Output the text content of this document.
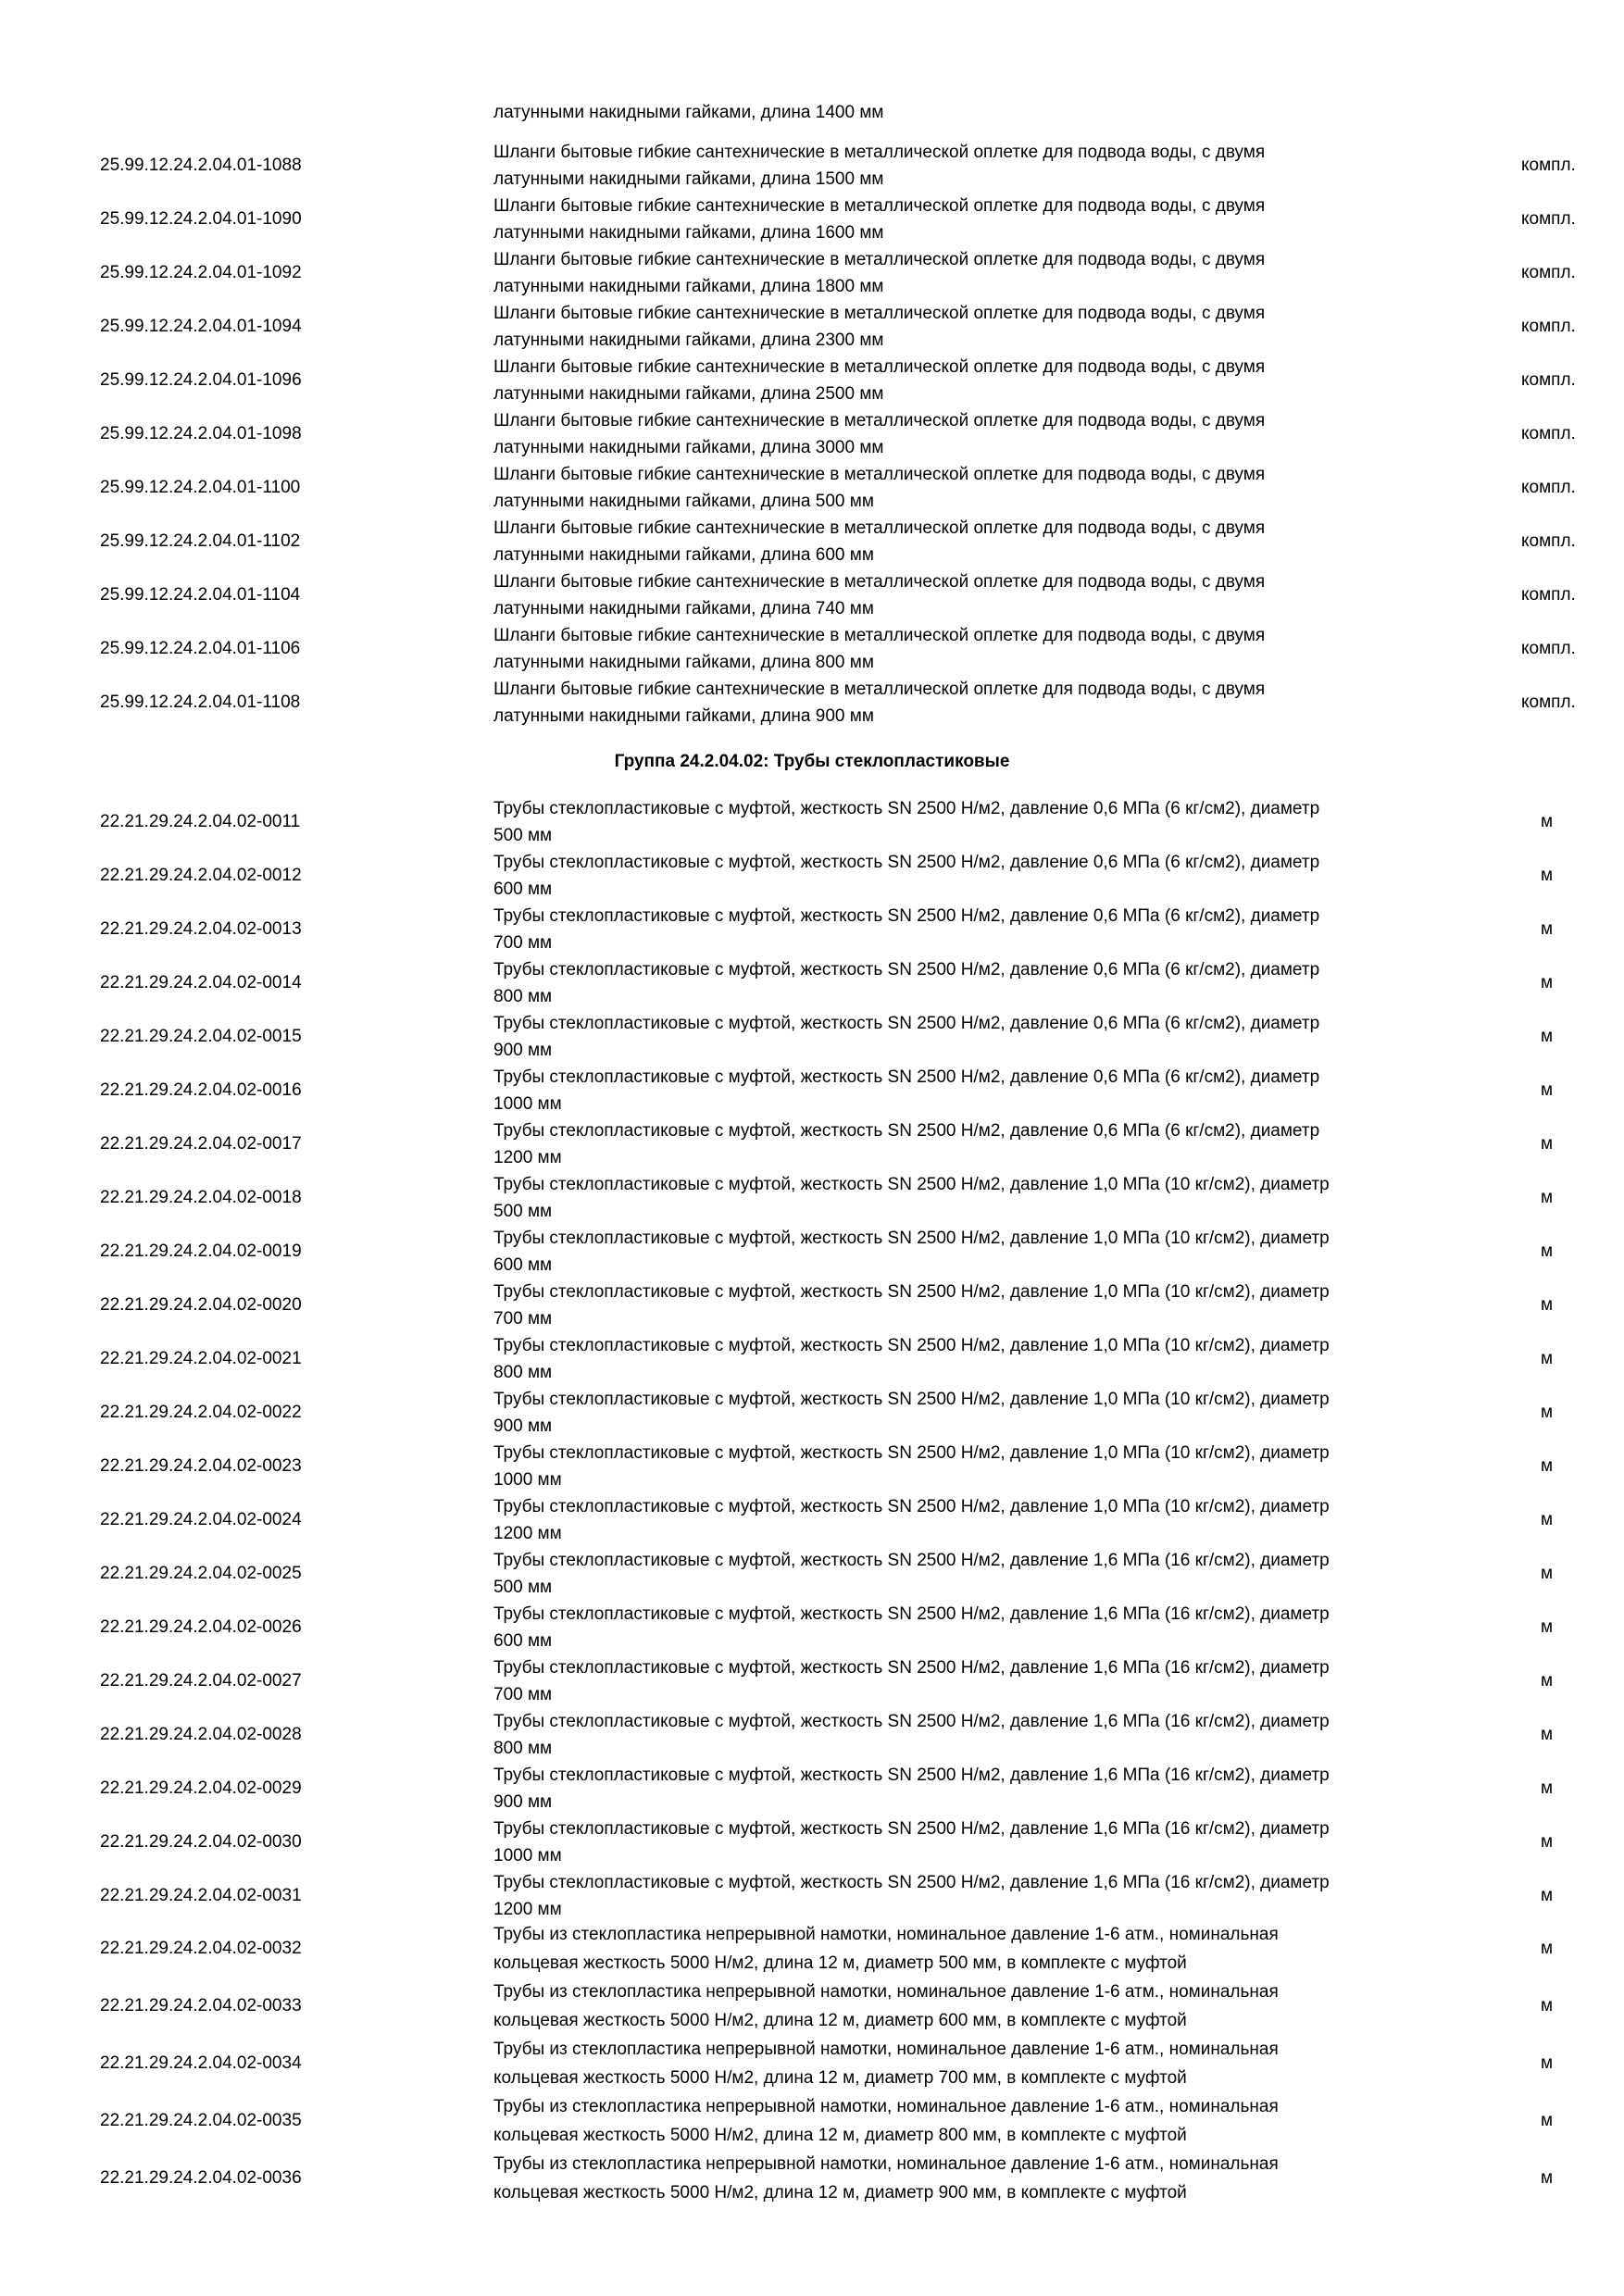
латунными накидными гайками, длина 1400 мм
25.99.12.24.2.04.01-1088
Шланги бытовые гибкие сантехнические в металлической оплетке для подвода воды, с двумя
латунными накидными гайками, длина 1500 мм
компл.
25.99.12.24.2.04.01-1090
Шланги бытовые гибкие сантехнические в металлической оплетке для подвода воды, с двумя
латунными накидными гайками, длина 1600 мм
компл.
25.99.12.24.2.04.01-1092
Шланги бытовые гибкие сантехнические в металлической оплетке для подвода воды, с двумя
латунными накидными гайками, длина 1800 мм
компл.
25.99.12.24.2.04.01-1094
Шланги бытовые гибкие сантехнические в металлической оплетке для подвода воды, с двумя
латунными накидными гайками, длина 2300 мм
компл.
25.99.12.24.2.04.01-1096
Шланги бытовые гибкие сантехнические в металлической оплетке для подвода воды, с двумя
латунными накидными гайками, длина 2500 мм
компл.
25.99.12.24.2.04.01-1098
Шланги бытовые гибкие сантехнические в металлической оплетке для подвода воды, с двумя
латунными накидными гайками, длина 3000 мм
компл.
25.99.12.24.2.04.01-1100
Шланги бытовые гибкие сантехнические в металлической оплетке для подвода воды, с двумя
латунными накидными гайками, длина 500 мм
компл.
25.99.12.24.2.04.01-1102
Шланги бытовые гибкие сантехнические в металлической оплетке для подвода воды, с двумя
латунными накидными гайками, длина 600 мм
компл.
25.99.12.24.2.04.01-1104
Шланги бытовые гибкие сантехнические в металлической оплетке для подвода воды, с двумя
латунными накидными гайками, длина 740 мм
компл.
25.99.12.24.2.04.01-1106
Шланги бытовые гибкие сантехнические в металлической оплетке для подвода воды, с двумя
латунными накидными гайками, длина 800 мм
компл.
25.99.12.24.2.04.01-1108
Шланги бытовые гибкие сантехнические в металлической оплетке для подвода воды, с двумя
латунными накидными гайками, длина 900 мм
компл.
Группа 24.2.04.02: Трубы стеклопластиковые
22.21.29.24.2.04.02-0011
Трубы стеклопластиковые с муфтой, жесткость SN 2500 Н/м2, давление 0,6 МПа (6 кг/см2), диаметр
500 мм
м
22.21.29.24.2.04.02-0012
Трубы стеклопластиковые с муфтой, жесткость SN 2500 Н/м2, давление 0,6 МПа (6 кг/см2), диаметр
600 мм
м
22.21.29.24.2.04.02-0013
Трубы стеклопластиковые с муфтой, жесткость SN 2500 Н/м2, давление 0,6 МПа (6 кг/см2), диаметр
700 мм
м
22.21.29.24.2.04.02-0014
Трубы стеклопластиковые с муфтой, жесткость SN 2500 Н/м2, давление 0,6 МПа (6 кг/см2), диаметр
800 мм
м
22.21.29.24.2.04.02-0015
Трубы стеклопластиковые с муфтой, жесткость SN 2500 Н/м2, давление 0,6 МПа (6 кг/см2), диаметр
900 мм
м
22.21.29.24.2.04.02-0016
Трубы стеклопластиковые с муфтой, жесткость SN 2500 Н/м2, давление 0,6 МПа (6 кг/см2), диаметр
1000 мм
м
22.21.29.24.2.04.02-0017
Трубы стеклопластиковые с муфтой, жесткость SN 2500 Н/м2, давление 0,6 МПа (6 кг/см2), диаметр
1200 мм
м
22.21.29.24.2.04.02-0018
Трубы стеклопластиковые с муфтой, жесткость SN 2500 Н/м2, давление 1,0 МПа (10 кг/см2), диаметр
500 мм
м
22.21.29.24.2.04.02-0019
Трубы стеклопластиковые с муфтой, жесткость SN 2500 Н/м2, давление 1,0 МПа (10 кг/см2), диаметр
600 мм
м
22.21.29.24.2.04.02-0020
Трубы стеклопластиковые с муфтой, жесткость SN 2500 Н/м2, давление 1,0 МПа (10 кг/см2), диаметр
700 мм
м
22.21.29.24.2.04.02-0021
Трубы стеклопластиковые с муфтой, жесткость SN 2500 Н/м2, давление 1,0 МПа (10 кг/см2), диаметр
800 мм
м
22.21.29.24.2.04.02-0022
Трубы стеклопластиковые с муфтой, жесткость SN 2500 Н/м2, давление 1,0 МПа (10 кг/см2), диаметр
900 мм
м
22.21.29.24.2.04.02-0023
Трубы стеклопластиковые с муфтой, жесткость SN 2500 Н/м2, давление 1,0 МПа (10 кг/см2), диаметр
1000 мм
м
22.21.29.24.2.04.02-0024
Трубы стеклопластиковые с муфтой, жесткость SN 2500 Н/м2, давление 1,0 МПа (10 кг/см2), диаметр
1200 мм
м
22.21.29.24.2.04.02-0025
Трубы стеклопластиковые с муфтой, жесткость SN 2500 Н/м2, давление 1,6 МПа (16 кг/см2), диаметр
500 мм
м
22.21.29.24.2.04.02-0026
Трубы стеклопластиковые с муфтой, жесткость SN 2500 Н/м2, давление 1,6 МПа (16 кг/см2), диаметр
600 мм
м
22.21.29.24.2.04.02-0027
Трубы стеклопластиковые с муфтой, жесткость SN 2500 Н/м2, давление 1,6 МПа (16 кг/см2), диаметр
700 мм
м
22.21.29.24.2.04.02-0028
Трубы стеклопластиковые с муфтой, жесткость SN 2500 Н/м2, давление 1,6 МПа (16 кг/см2), диаметр
800 мм
м
22.21.29.24.2.04.02-0029
Трубы стеклопластиковые с муфтой, жесткость SN 2500 Н/м2, давление 1,6 МПа (16 кг/см2), диаметр
900 мм
м
22.21.29.24.2.04.02-0030
Трубы стеклопластиковые с муфтой, жесткость SN 2500 Н/м2, давление 1,6 МПа (16 кг/см2), диаметр
1000 мм
м
22.21.29.24.2.04.02-0031
Трубы стеклопластиковые с муфтой, жесткость SN 2500 Н/м2, давление 1,6 МПа (16 кг/см2), диаметр
1200 мм
м
22.21.29.24.2.04.02-0032
Трубы из стеклопластика непрерывной намотки, номинальное давление 1-6 атм., номинальная
кольцевая жесткость 5000 Н/м2, длина 12 м, диаметр 500 мм, в комплекте с муфтой
м
22.21.29.24.2.04.02-0033
Трубы из стеклопластика непрерывной намотки, номинальное давление 1-6 атм., номинальная
кольцевая жесткость 5000 Н/м2, длина 12 м, диаметр 600 мм, в комплекте с муфтой
м
22.21.29.24.2.04.02-0034
Трубы из стеклопластика непрерывной намотки, номинальное давление 1-6 атм., номинальная
кольцевая жесткость 5000 Н/м2, длина 12 м, диаметр 700 мм, в комплекте с муфтой
м
22.21.29.24.2.04.02-0035
Трубы из стеклопластика непрерывной намотки, номинальное давление 1-6 атм., номинальная
кольцевая жесткость 5000 Н/м2, длина 12 м, диаметр 800 мм, в комплекте с муфтой
м
22.21.29.24.2.04.02-0036
Трубы из стеклопластика непрерывной намотки, номинальное давление 1-6 атм., номинальная
кольцевая жесткость 5000 Н/м2, длина 12 м, диаметр 900 мм, в комплекте с муфтой
м
